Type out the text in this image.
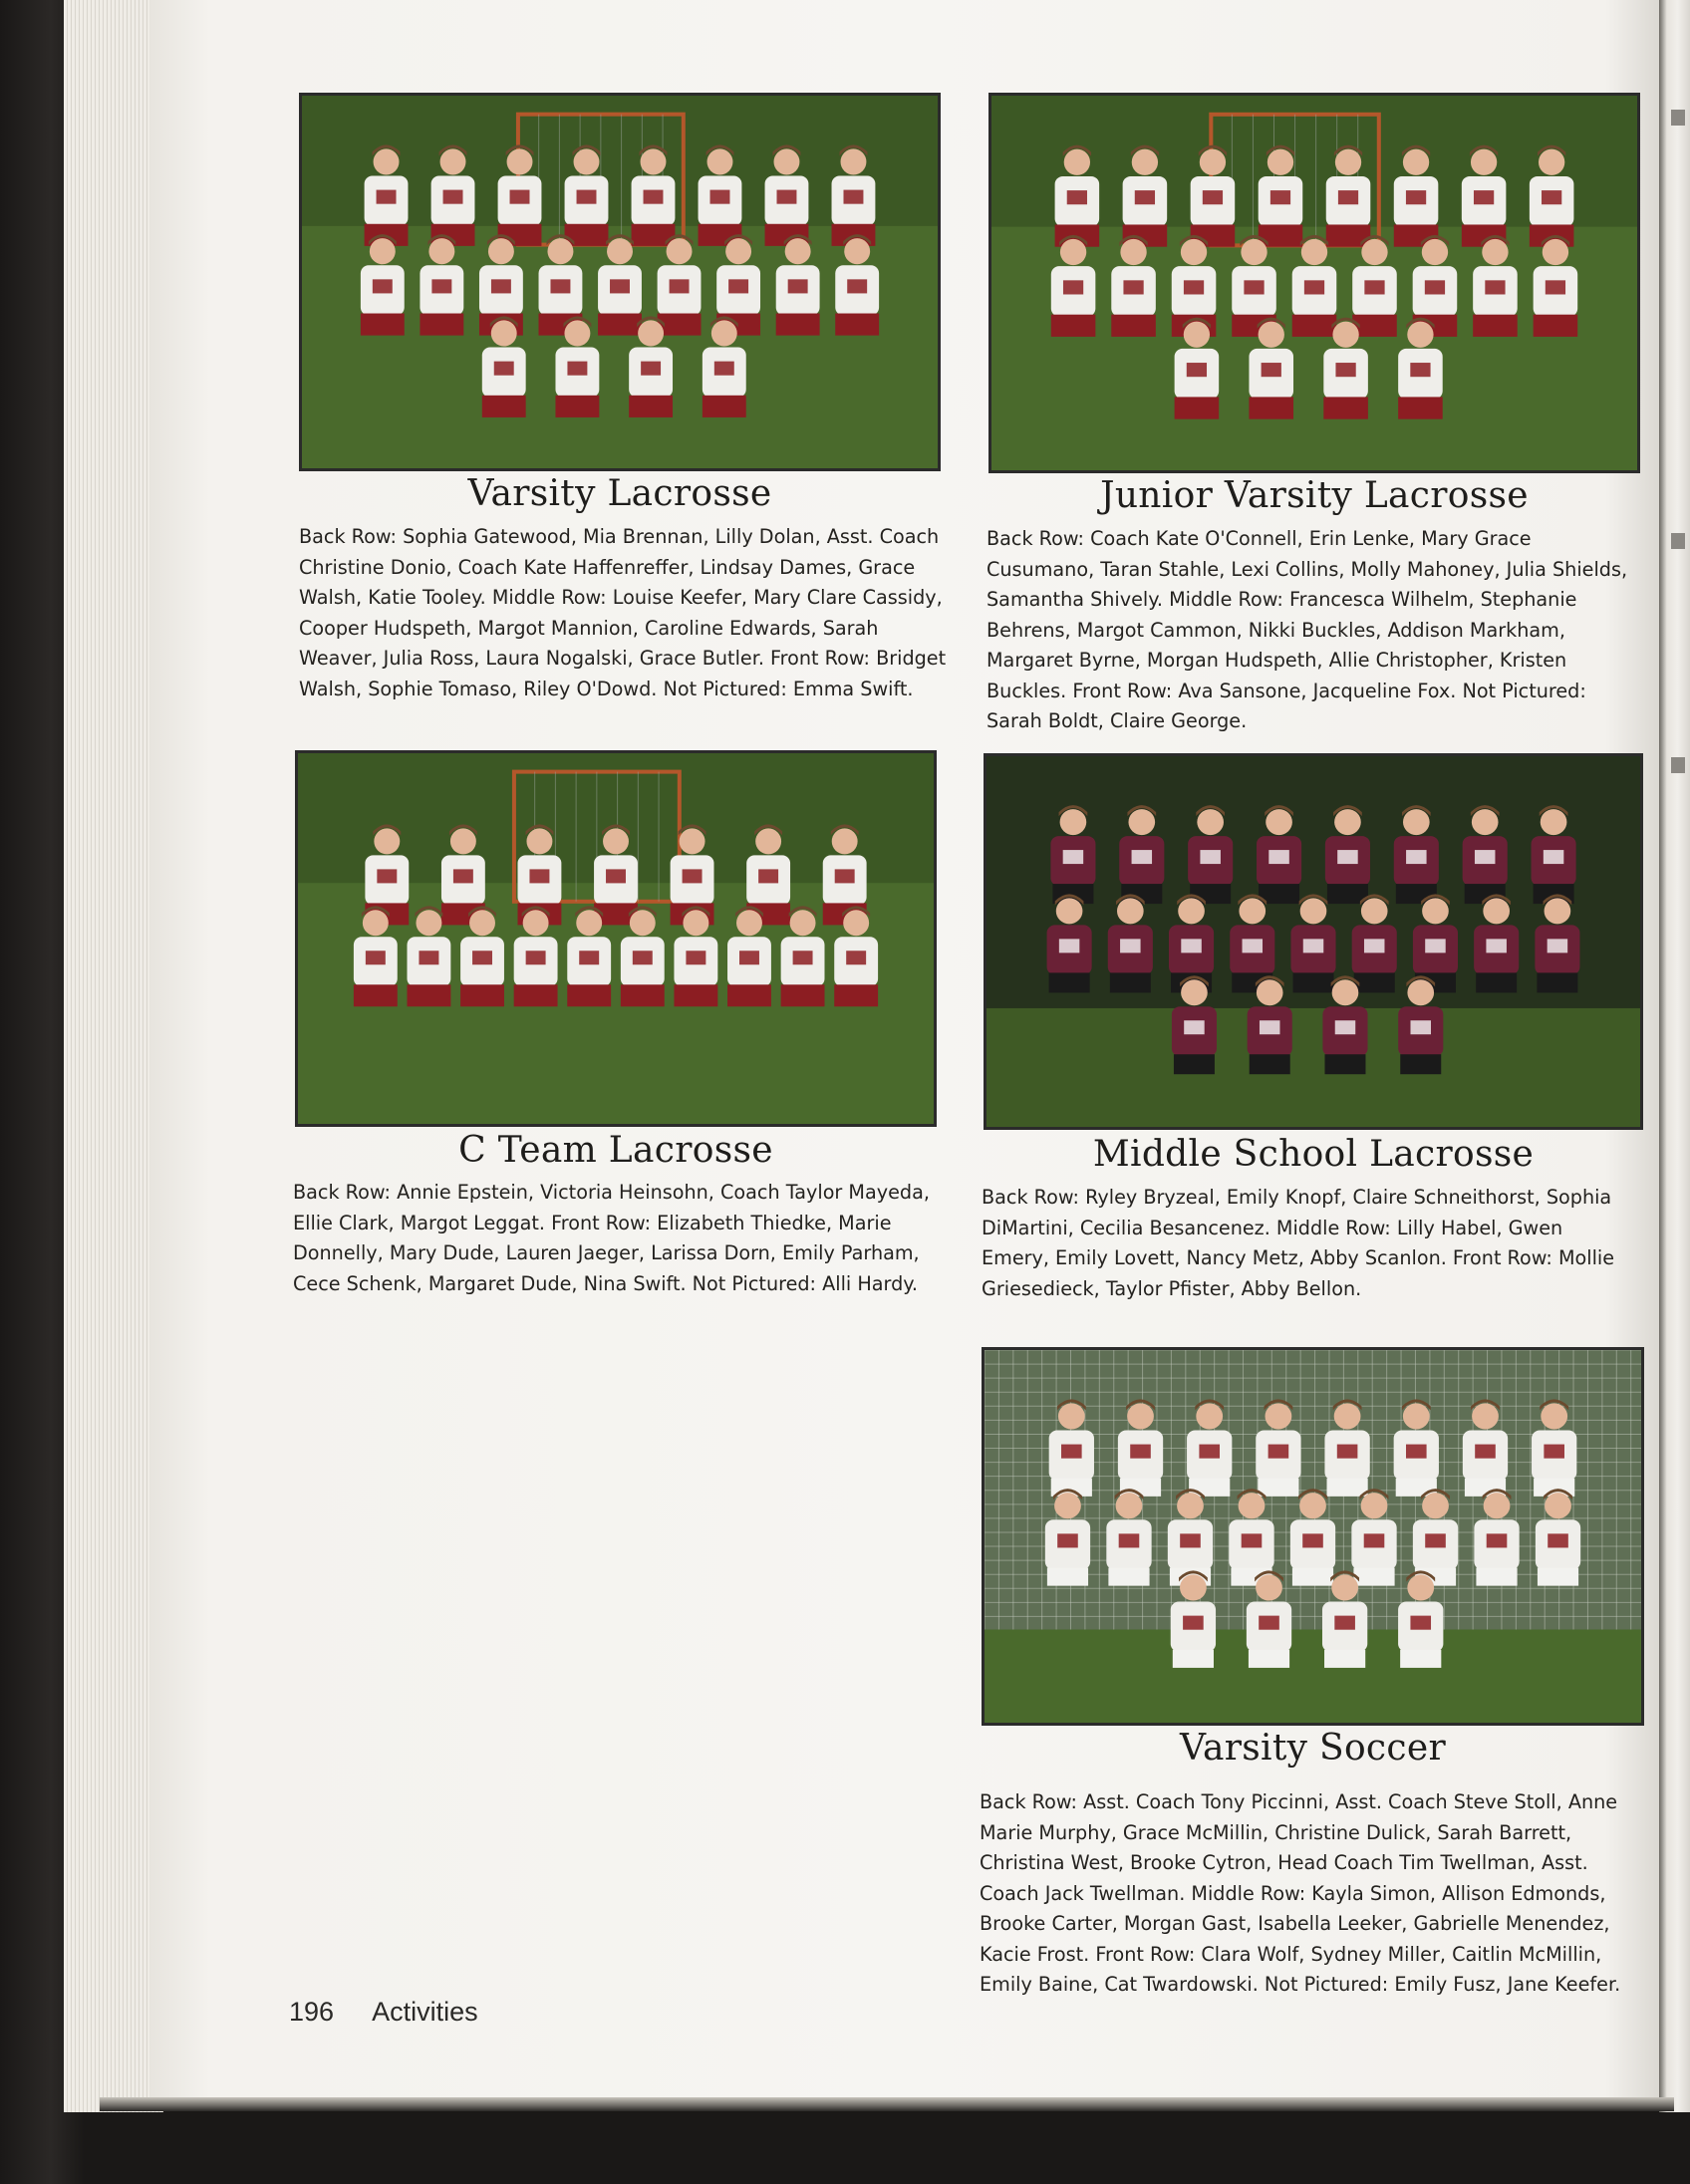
Varsity Lacrosse

Back Row: Sophia Gatewood, Mia Brennan, Lilly Dolan, Asst. Coach Christine Donio, Coach Kate Haffenreffer, Lindsay Dames, Grace Walsh, Katie Tooley. Middle Row: Louise Keefer, Mary Clare Cassidy, Cooper Hudspeth, Margot Mannion, Caroline Edwards, Sarah Weaver, Julia Ross, Laura Nogalski, Grace Butler. Front Row: Bridget Walsh, Sophie Tomaso, Riley O'Dowd. Not Pictured: Emma Swift.

Junior Varsity Lacrosse

Back Row: Coach Kate O'Connell, Erin Lenke, Mary Grace Cusumano, Taran Stahle, Lexi Collins, Molly Mahoney, Julia Shields, Samantha Shively. Middle Row: Francesca Wilhelm, Stephanie Behrens, Margot Cammon, Nikki Buckles, Addison Markham, Margaret Byrne, Morgan Hudspeth, Allie Christopher, Kristen Buckles. Front Row: Ava Sansone, Jacqueline Fox. Not Pictured: Sarah Boldt, Claire George.

C Team Lacrosse

Back Row: Annie Epstein, Victoria Heinsohn, Coach Taylor Mayeda, Ellie Clark, Margot Leggat. Front Row: Elizabeth Thiedke, Marie Donnelly, Mary Dude, Lauren Jaeger, Larissa Dorn, Emily Parham, Cece Schenk, Margaret Dude, Nina Swift. Not Pictured: Alli Hardy.

Middle School Lacrosse

Back Row: Ryley Bryzeal, Emily Knopf, Claire Schneithorst, Sophia DiMartini, Cecilia Besancenez. Middle Row: Lilly Habel, Gwen Emery, Emily Lovett, Nancy Metz, Abby Scanlon. Front Row: Mollie Griesedieck, Taylor Pfister, Abby Bellon.

Varsity Soccer

Back Row: Asst. Coach Tony Piccinni, Asst. Coach Steve Stoll, Anne Marie Murphy, Grace McMillin, Christine Dulick, Sarah Barrett, Christina West, Brooke Cytron, Head Coach Tim Twellman, Asst. Coach Jack Twellman. Middle Row: Kayla Simon, Allison Edmonds, Brooke Carter, Morgan Gast, Isabella Leeker, Gabrielle Menendez, Kacie Frost. Front Row: Clara Wolf, Sydney Miller, Caitlin McMillin, Emily Baine, Cat Twardowski. Not Pictured: Emily Fusz, Jane Keefer.

196 Activities
